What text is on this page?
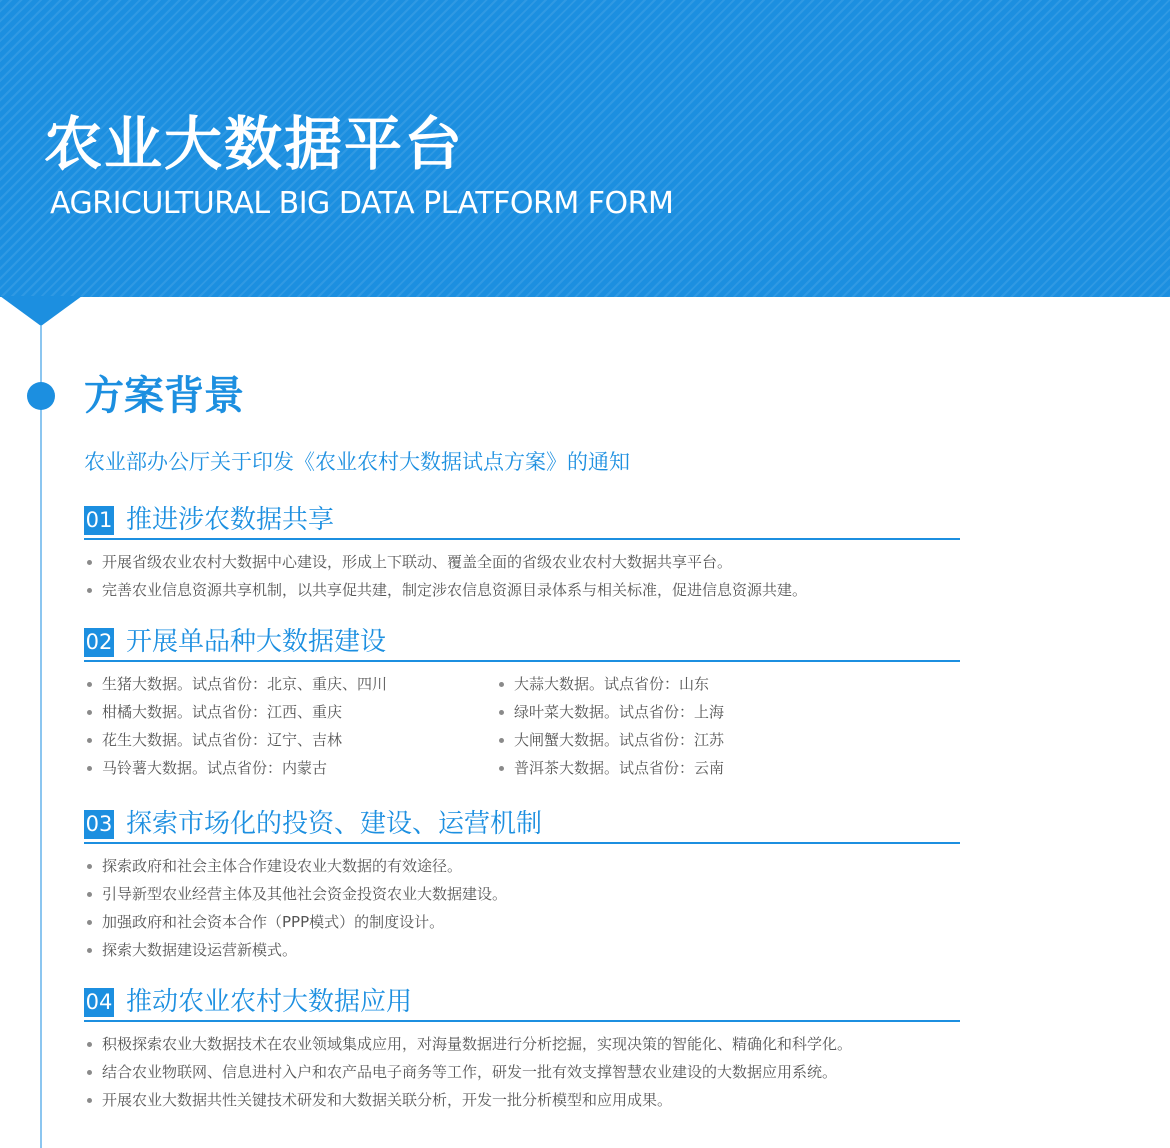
农业大数据平台
AGRICULTURAL BIG DATA PLATFORM FORM
方案背景
农业部办公厅关于印发《农业农村大数据试点方案》的通知
01 推进涉农数据共享
开展省级农业农村大数据中心建设，形成上下联动、覆盖全面的省级农业农村大数据共享平台。
完善农业信息资源共享机制，以共享促共建，制定涉农信息资源目录体系与相关标准，促进信息资源共建。
02 开展单品种大数据建设
生猪大数据。试点省份：北京、重庆、四川
柑橘大数据。试点省份：江西、重庆
花生大数据。试点省份：辽宁、吉林
马铃薯大数据。试点省份：内蒙古
大蒜大数据。试点省份：山东
绿叶菜大数据。试点省份：上海
大闸蟹大数据。试点省份：江苏
普洱茶大数据。试点省份：云南
03 探索市场化的投资、建设、运营机制
探索政府和社会主体合作建设农业大数据的有效途径。
引导新型农业经营主体及其他社会资金投资农业大数据建设。
加强政府和社会资本合作（PPP模式）的制度设计。
探索大数据建设运营新模式。
04 推动农业农村大数据应用
积极探索农业大数据技术在农业领域集成应用，对海量数据进行分析挖掘，实现决策的智能化、精确化和科学化。
结合农业物联网、信息进村入户和农产品电子商务等工作，研发一批有效支撑智慧农业建设的大数据应用系统。
开展农业大数据共性关键技术研发和大数据关联分析，开发一批分析模型和应用成果。
